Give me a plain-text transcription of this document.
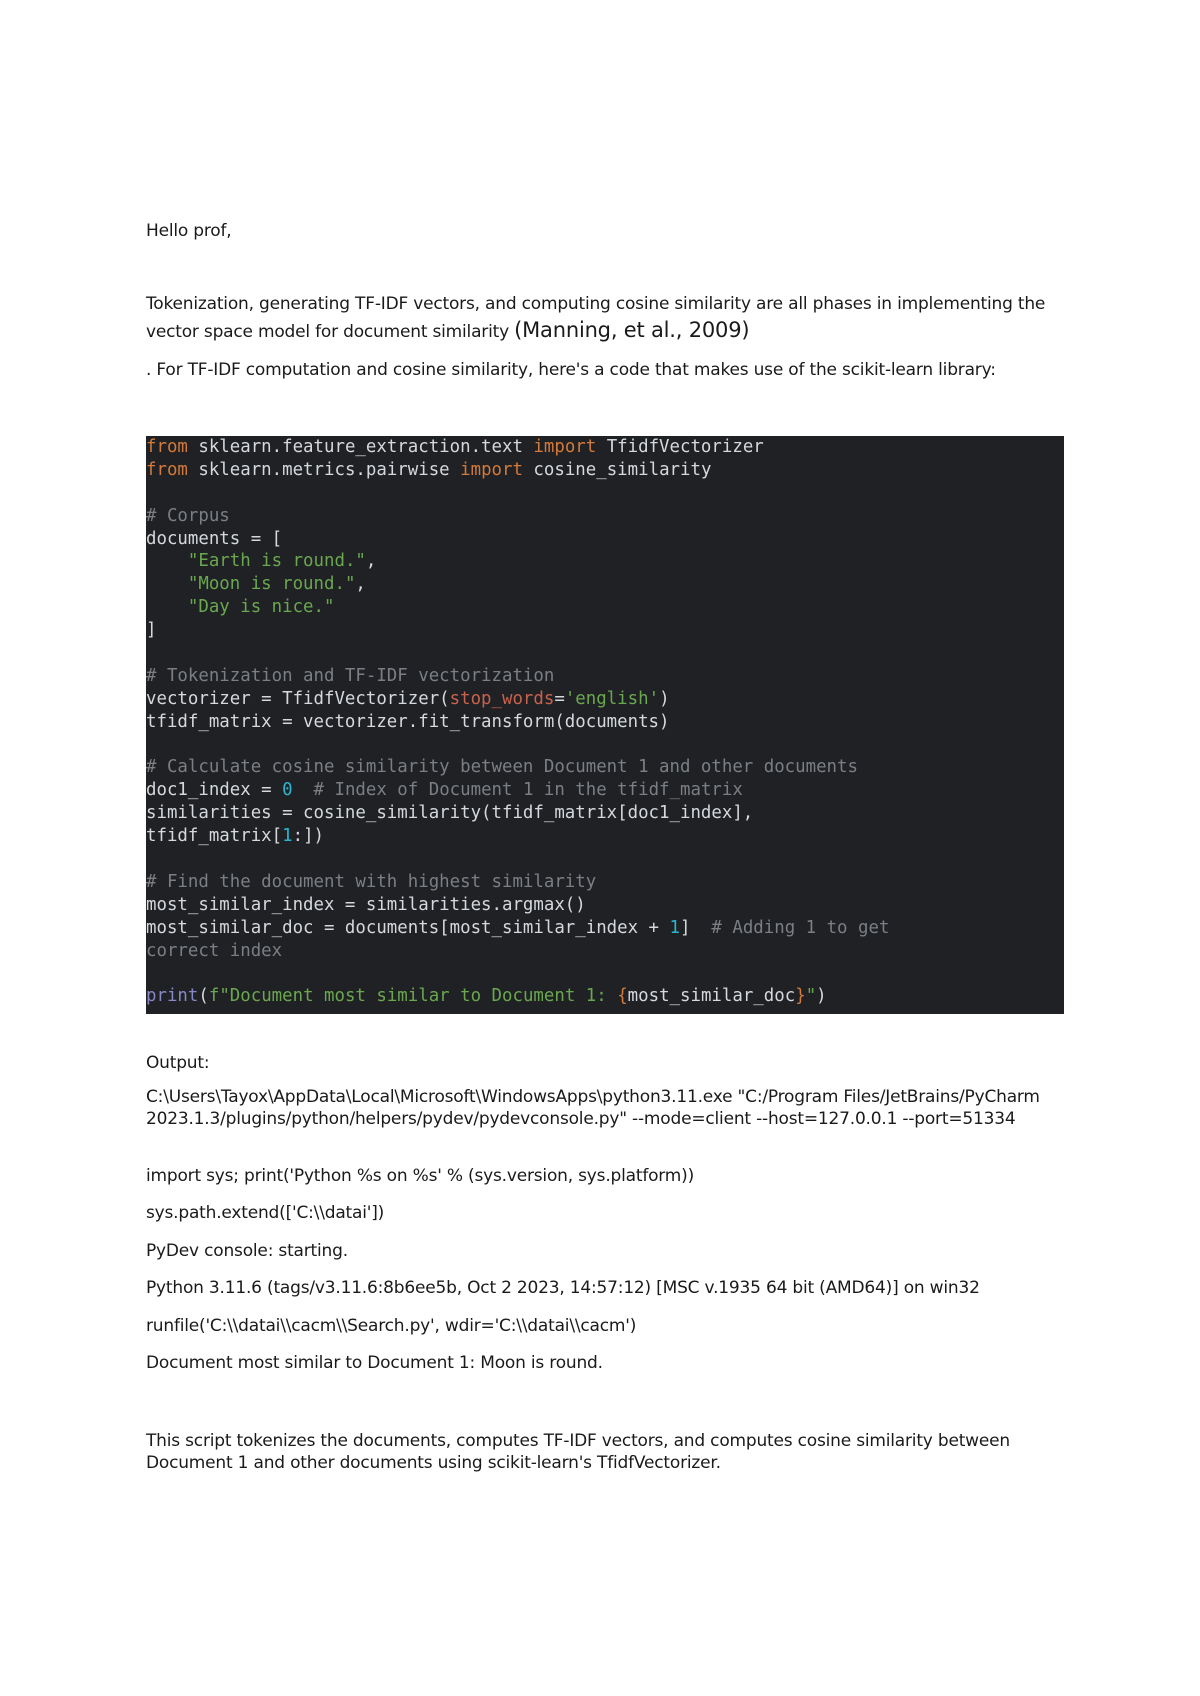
Hello prof,

Tokenization, generating TF-IDF vectors, and computing cosine similarity are all phases in implementing the vector space model for document similarity (Manning, et al., 2009)

. For TF-IDF computation and cosine similarity, here's a code that makes use of the scikit-learn library:

from sklearn.feature_extraction.text import TfidfVectorizer
from sklearn.metrics.pairwise import cosine_similarity

# Corpus
documents = [
"Earth is round.",
"Moon is round.",
"Day is nice."
]

# Tokenization and TF-IDF vectorization
vectorizer = TfidfVectorizer(stop_words='english')
tfidf_matrix = vectorizer.fit_transform(documents)

# Calculate cosine similarity between Document 1 and other documents
doc1_index = 0  # Index of Document 1 in the tfidf_matrix
similarities = cosine_similarity(tfidf_matrix[doc1_index],
tfidf_matrix[1:])

# Find the document with highest similarity
most_similar_index = similarities.argmax()
most_similar_doc = documents[most_similar_index + 1]  # Adding 1 to get
correct index

print(f"Document most similar to Document 1: {most_similar_doc}")

Output:

C:\Users\Tayox\AppData\Local\Microsoft\WindowsApps\python3.11.exe "C:/Program Files/JetBrains/PyCharm 2023.1.3/plugins/python/helpers/pydev/pydevconsole.py" --mode=client --host=127.0.0.1 --port=51334

import sys; print('Python %s on %s' % (sys.version, sys.platform))

sys.path.extend(['C:\\datai'])

PyDev console: starting.

Python 3.11.6 (tags/v3.11.6:8b6ee5b, Oct 2 2023, 14:57:12) [MSC v.1935 64 bit (AMD64)] on win32

runfile('C:\\datai\\cacm\\Search.py', wdir='C:\\datai\\cacm')

Document most similar to Document 1: Moon is round.

This script tokenizes the documents, computes TF-IDF vectors, and computes cosine similarity between Document 1 and other documents using scikit-learn's TfidfVectorizer.
